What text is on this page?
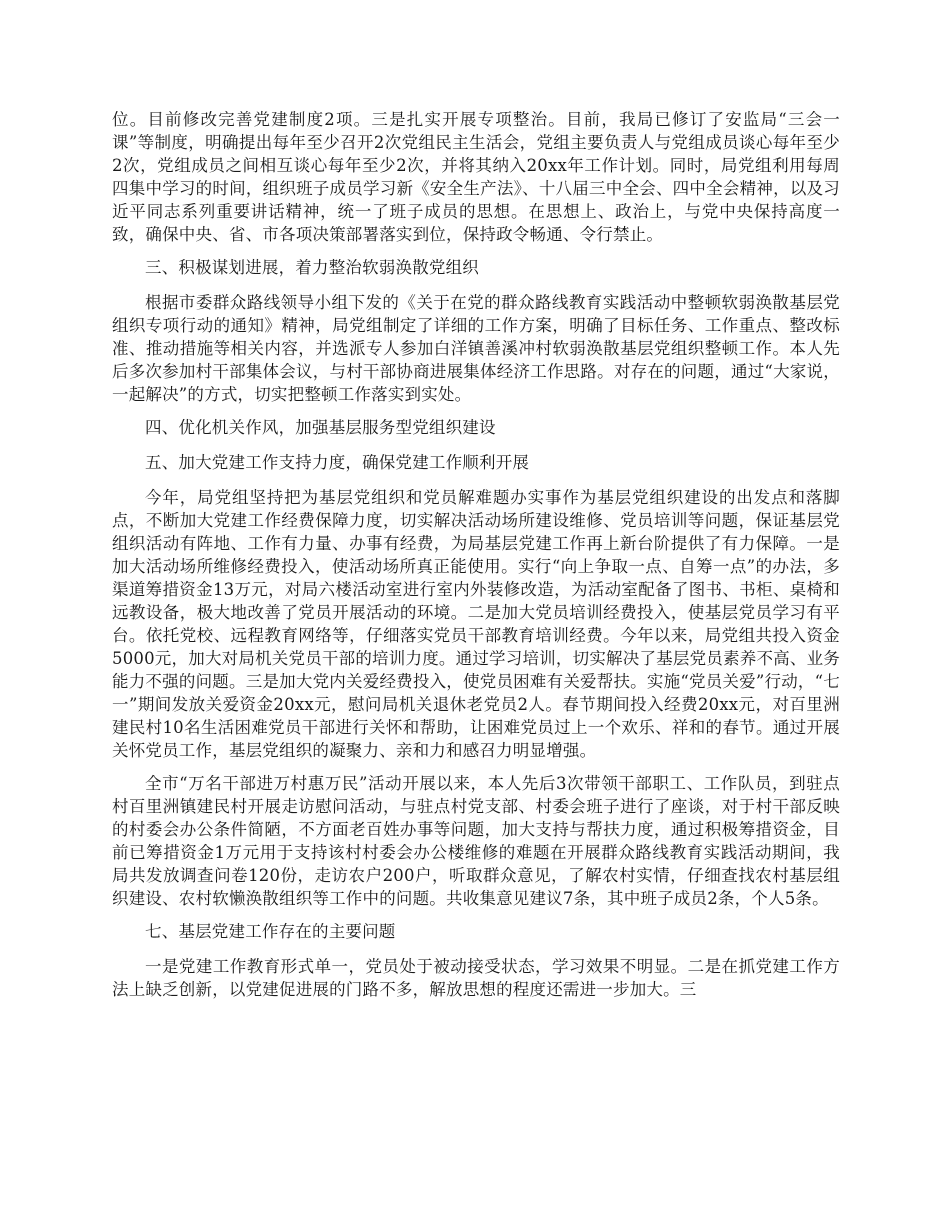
位。目前修改完善党建制度2项。三是扎实开展专项整治。目前，我局已修订了安监局“三会一课”等制度，明确提出每年至少召开2次党组民主生活会，党组主要负责人与党组成员谈心每年至少2次，党组成员之间相互谈心每年至少2次，并将其纳入20xx年工作计划。同时，局党组利用每周四集中学习的时间，组织班子成员学习新《安全生产法》、十八届三中全会、四中全会精神，以及习近平同志系列重要讲话精神，统一了班子成员的思想。在思想上、政治上，与党中央保持高度一致，确保中央、省、市各项决策部署落实到位，保持政令畅通、令行禁止。

三、积极谋划进展，着力整治软弱涣散党组织

根据市委群众路线领导小组下发的《关于在党的群众路线教育实践活动中整顿软弱涣散基层党组织专项行动的通知》精神，局党组制定了详细的工作方案，明确了目标任务、工作重点、整改标准、推动措施等相关内容，并选派专人参加白洋镇善溪冲村软弱涣散基层党组织整顿工作。本人先后多次参加村干部集体会议，与村干部协商进展集体经济工作思路。对存在的问题，通过“大家说，一起解决”的方式，切实把整顿工作落实到实处。

四、优化机关作风，加强基层服务型党组织建设

五、加大党建工作支持力度，确保党建工作顺利开展

今年，局党组坚持把为基层党组织和党员解难题办实事作为基层党组织建设的出发点和落脚点，不断加大党建工作经费保障力度，切实解决活动场所建设维修、党员培训等问题，保证基层党组织活动有阵地、工作有力量、办事有经费，为局基层党建工作再上新台阶提供了有力保障。一是加大活动场所维修经费投入，使活动场所真正能使用。实行“向上争取一点、自筹一点”的办法，多渠道筹措资金13万元，对局六楼活动室进行室内外装修改造，为活动室配备了图书、书柜、桌椅和远教设备，极大地改善了党员开展活动的环境。二是加大党员培训经费投入，使基层党员学习有平台。依托党校、远程教育网络等，仔细落实党员干部教育培训经费。今年以来，局党组共投入资金5000元，加大对局机关党员干部的培训力度。通过学习培训，切实解决了基层党员素养不高、业务能力不强的问题。三是加大党内关爱经费投入，使党员困难有关爱帮扶。实施“党员关爱”行动，“七一”期间发放关爱资金20xx元，慰问局机关退休老党员2人。春节期间投入经费20xx元，对百里洲建民村10名生活困难党员干部进行关怀和帮助，让困难党员过上一个欢乐、祥和的春节。通过开展关怀党员工作，基层党组织的凝聚力、亲和力和感召力明显增强。

全市“万名干部进万村惠万民”活动开展以来，本人先后3次带领干部职工、工作队员，到驻点村百里洲镇建民村开展走访慰问活动，与驻点村党支部、村委会班子进行了座谈，对于村干部反映的村委会办公条件简陋，不方面老百姓办事等问题，加大支持与帮扶力度，通过积极筹措资金，目前已筹措资金1万元用于支持该村村委会办公楼维修的难题在开展群众路线教育实践活动期间，我局共发放调查问卷120份，走访农户200户，听取群众意见，了解农村实情，仔细查找农村基层组织建设、农村软懒涣散组织等工作中的问题。共收集意见建议7条，其中班子成员2条，个人5条。

七、基层党建工作存在的主要问题

一是党建工作教育形式单一，党员处于被动接受状态，学习效果不明显。二是在抓党建工作方法上缺乏创新，以党建促进展的门路不多，解放思想的程度还需进一步加大。三
